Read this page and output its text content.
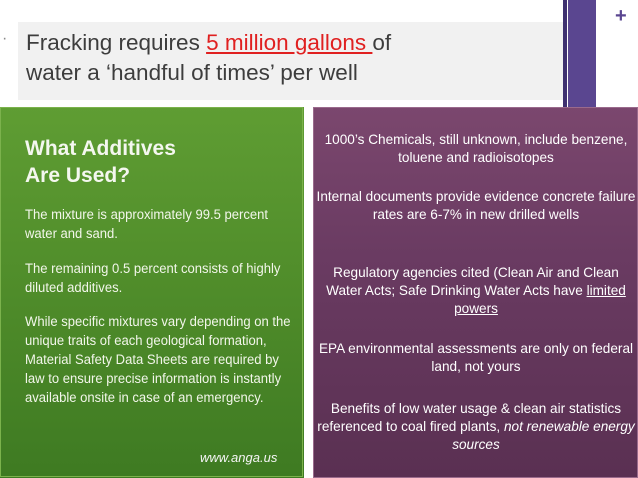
+
· Fracking requires 5 million gallons of
water a ‘handful of times’ per well
What Additives
Are Used?
The mixture is approximately 99.5 percent water and sand.
The remaining 0.5 percent consists of highly diluted additives.
While specific mixtures vary depending on the unique traits of each geological formation, Material Safety Data Sheets are required by law to ensure precise information is instantly available onsite in case of an emergency.
www.anga.us
1000’s Chemicals, still unknown, include benzene, toluene and radioisotopes
Internal documents provide evidence concrete failure rates are 6-7% in new drilled wells
Regulatory agencies cited (Clean Air and Clean Water Acts; Safe Drinking Water Acts have limited powers
EPA environmental assessments are only on federal land, not yours
Benefits of low water usage & clean air statistics referenced to coal fired plants, not renewable energy sources
